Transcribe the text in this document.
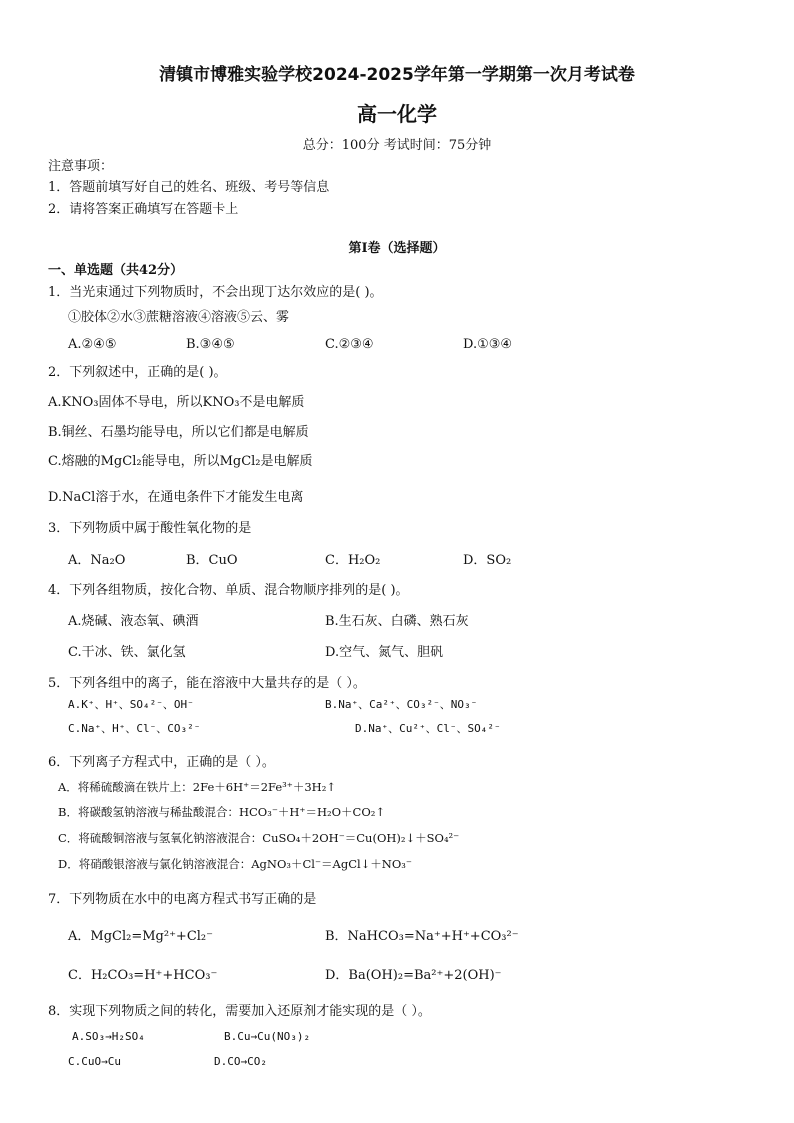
清镇市博雅实验学校2024-2025学年第一学期第一次月考试卷
高一化学
总分：100分 考试时间：75分钟
注意事项：
1．答题前填写好自己的姓名、班级、考号等信息
2．请将答案正确填写在答题卡上
第I卷（选择题）
一、单选题（共42分）
1．当光束通过下列物质时，不会出现丁达尔效应的是( )。
①胶体②水③蔗糖溶液④溶液⑤云、雾
A.②④⑤	B.③④⑤	C.②③④	D.①③④
2．下列叙述中，正确的是( )。
A.KNO₃固体不导电，所以KNO₃不是电解质
B.铜丝、石墨均能导电，所以它们都是电解质
C.熔融的MgCl₂能导电，所以MgCl₂是电解质
D.NaCl溶于水，在通电条件下才能发生电离
3．下列物质中属于酸性氧化物的是
A．Na₂O	B．CuO	C．H₂O₂	D．SO₂
4．下列各组物质，按化合物、单质、混合物顺序排列的是( )。
A.烧碱、液态氧、碘酒	B.生石灰、白磷、熟石灰
C.干冰、铁、氯化氢	D.空气、氮气、胆矾
5．下列各组中的离子，能在溶液中大量共存的是（ ）。
A.K⁺、H⁺、SO₄²⁻、OH⁻	B.Na⁺、Ca²⁺、CO₃²⁻、NO₃⁻
C.Na⁺、H⁺、Cl⁻、CO₃²⁻	D.Na⁺、Cu²⁺、Cl⁻、SO₄²⁻
6．下列离子方程式中，正确的是（ ）。
A．将稀硫酸滴在铁片上：2Fe＋6H⁺＝2Fe³⁺＋3H₂↑
B．将碳酸氢钠溶液与稀盐酸混合：HCO₃⁻＋H⁺＝H₂O＋CO₂↑
C．将硫酸铜溶液与氢氧化钠溶液混合：CuSO₄＋2OH⁻＝Cu(OH)₂↓＋SO₄²⁻
D．将硝酸银溶液与氯化钠溶液混合：AgNO₃＋Cl⁻＝AgCl↓＋NO₃⁻
7．下列物质在水中的电离方程式书写正确的是
A．MgCl₂=Mg²⁺+Cl₂⁻	B．NaHCO₃=Na⁺+H⁺+CO₃²⁻
C．H₂CO₃=H⁺+HCO₃⁻	D．Ba(OH)₂=Ba²⁺+2(OH)⁻
8．实现下列物质之间的转化，需要加入还原剂才能实现的是（ ）。
A.SO₃→H₂SO₄	B.Cu→Cu(NO₃)₂
C.CuO→Cu	D.CO→CO₂
